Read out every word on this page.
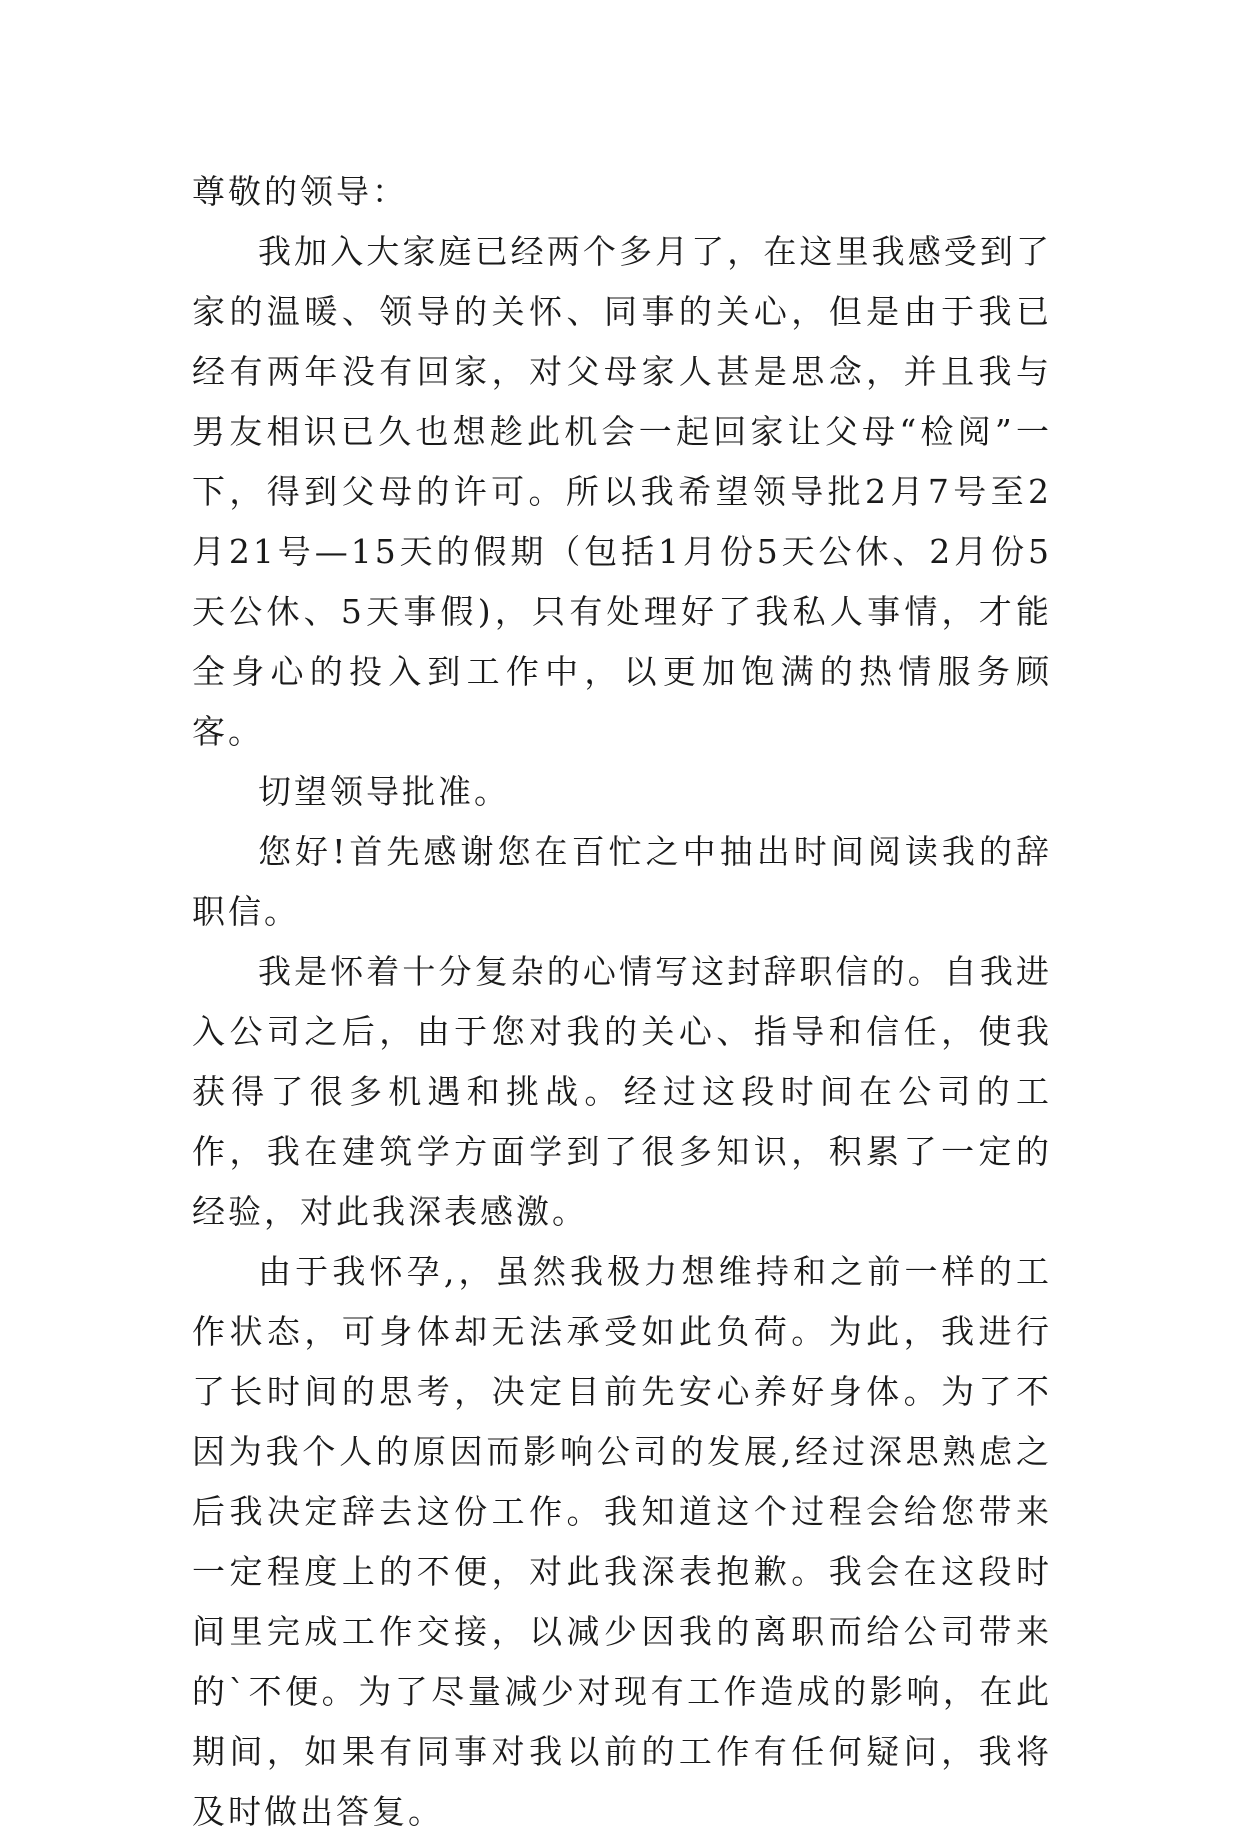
尊敬的领导：

我加入大家庭已经两个多月了，在这里我感受到了家的温暖、领导的关怀、同事的关心，但是由于我已经有两年没有回家，对父母家人甚是思念，并且我与男友相识已久也想趁此机会一起回家让父母“检阅”一下，得到父母的许可。所以我希望领导批2月7号至2月21号—15天的假期（包括1月份5天公休、2月份5天公休、5天事假)，只有处理好了我私人事情，才能全身心的投入到工作中，以更加饱满的热情服务顾客。

切望领导批准。

您好!首先感谢您在百忙之中抽出时间阅读我的辞职信。

我是怀着十分复杂的心情写这封辞职信的。自我进入公司之后，由于您对我的关心、指导和信任，使我获得了很多机遇和挑战。经过这段时间在公司的工作，我在建筑学方面学到了很多知识，积累了一定的经验，对此我深表感激。

由于我怀孕,，虽然我极力想维持和之前一样的工作状态，可身体却无法承受如此负荷。为此，我进行了长时间的思考，决定目前先安心养好身体。为了不因为我个人的原因而影响公司的发展,经过深思熟虑之后我决定辞去这份工作。我知道这个过程会给您带来一定程度上的不便，对此我深表抱歉。我会在这段时间里完成工作交接，以减少因我的离职而给公司带来的`不便。为了尽量减少对现有工作造成的影响，在此期间，如果有同事对我以前的工作有任何疑问，我将及时做出答复。
